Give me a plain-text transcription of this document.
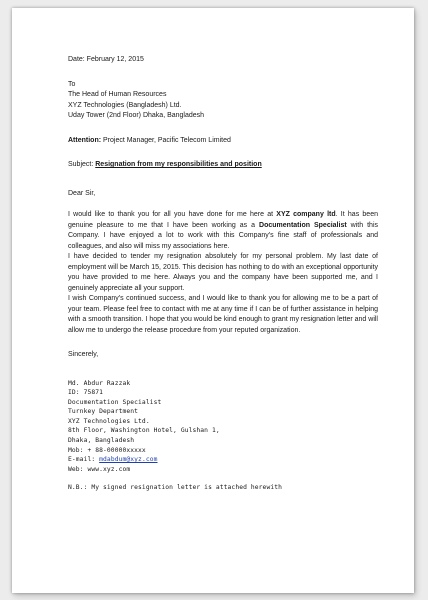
Date: February 12, 2015

To
The Head of Human Resources
XYZ Technologies (Bangladesh) Ltd.
Uday Tower (2nd Floor) Dhaka, Bangladesh

Attention: Project Manager, Pacific Telecom Limited

Subject: Resignation from my responsibilities and position

Dear Sir,

I would like to thank you for all you have done for me here at XYZ company ltd. It has been genuine pleasure to me that I have been working as a Documentation Specialist with this Company. I have enjoyed a lot to work with this Company's fine staff of professionals and colleagues, and also will miss my associations here.

I have decided to tender my resignation absolutely for my personal problem. My last date of employment will be March 15, 2015. This decision has nothing to do with an exceptional opportunity you have provided to me here. Always you and the company have been supported me, and I genuinely appreciate all your support.

I wish Company's continued success, and I would like to thank you for allowing me to be a part of your team. Please feel free to contact with me at any time if I can be of further assistance in helping with a smooth transition. I hope that you would be kind enough to grant my resignation letter and will allow me to undergo the release procedure from your reputed organization.

Sincerely,

Md. Abdur Razzak
ID: 75871
Documentation Specialist
Turnkey Department
XYZ Technologies Ltd.
8th Floor, Washington Hotel, Gulshan 1,
Dhaka, Bangladesh
Mob: + 88-00000xxxxx
E-mail: mdabdum@xyz.com
Web: www.xyz.com
N.B.: My signed resignation letter is attached herewith
